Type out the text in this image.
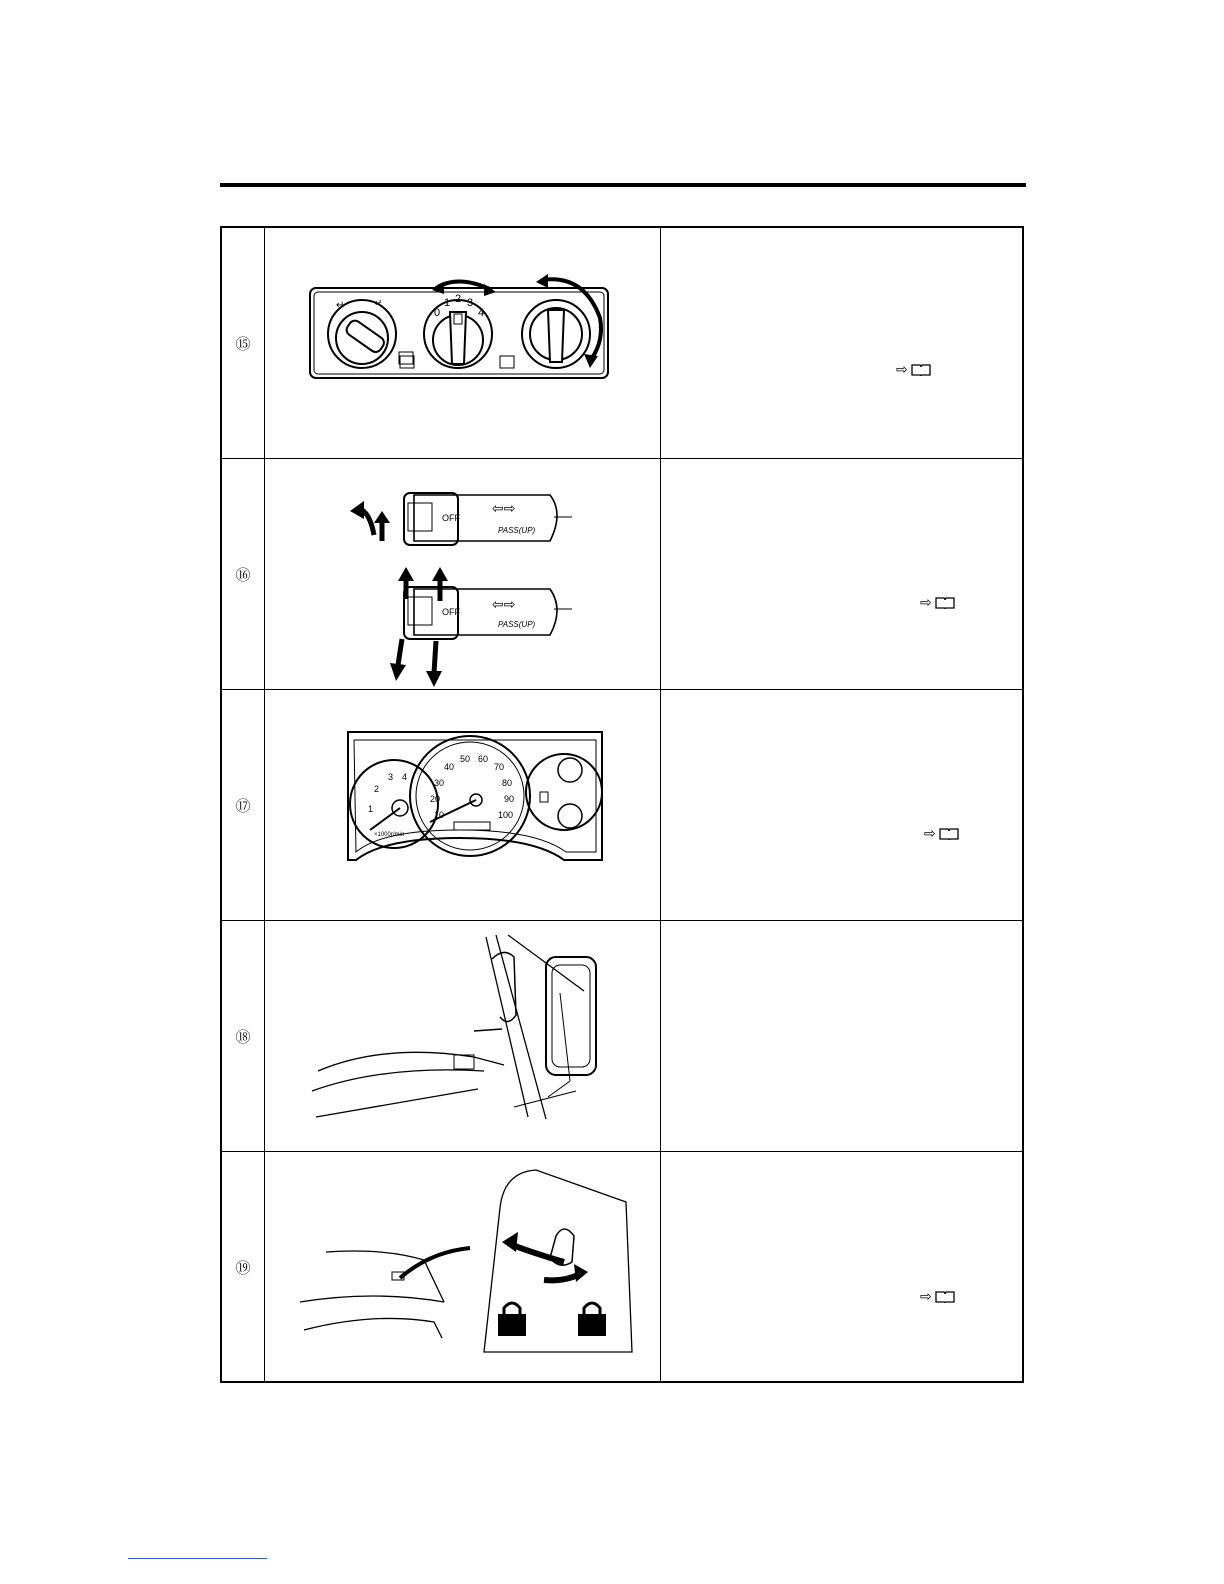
⑮
↵	↵
0
1 2 3
4
⇨
⑯
OFF
⇦⇨
PASS(UP)
OFF ⇦⇨
PASS(UP)
⇨
⑰	1
2
3 4
×1000r/min
10
20
30
40
50 60
70
80
90
100
⇨
⑱
⑲
⇨
